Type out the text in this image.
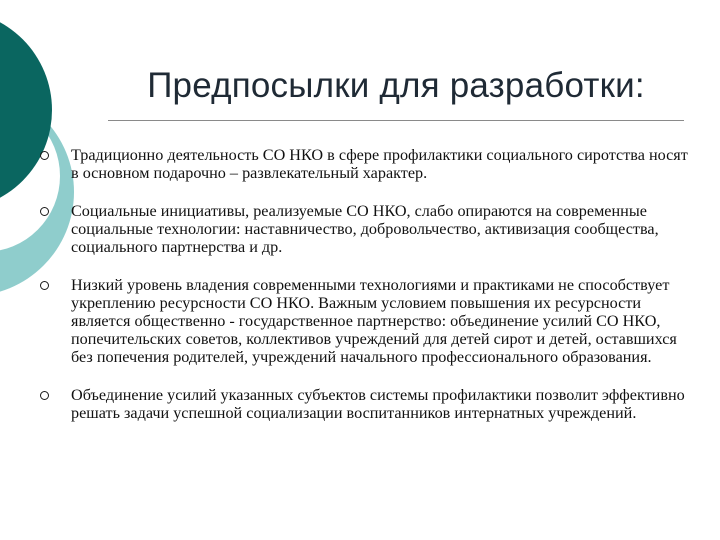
Предпосылки для разработки:
Традиционно деятельность СО НКО в сфере профилактики социального сиротства носят в основном подарочно – развлекательный характер.
Социальные инициативы, реализуемые СО НКО, слабо опираются на современные социальные технологии: наставничество, добровольчество, активизация сообщества, социального партнерства и др.
Низкий уровень владения современными технологиями и практиками не способствует укреплению ресурсности СО НКО. Важным условием повышения их ресурсности является общественно - государственное партнерство: объединение усилий СО НКО, попечительских советов, коллективов учреждений для детей сирот и детей, оставшихся без попечения родителей, учреждений начального профессионального образования.
Объединение усилий указанных субъектов системы профилактики позволит эффективно решать задачи успешной социализации воспитанников интернатных учреждений.
